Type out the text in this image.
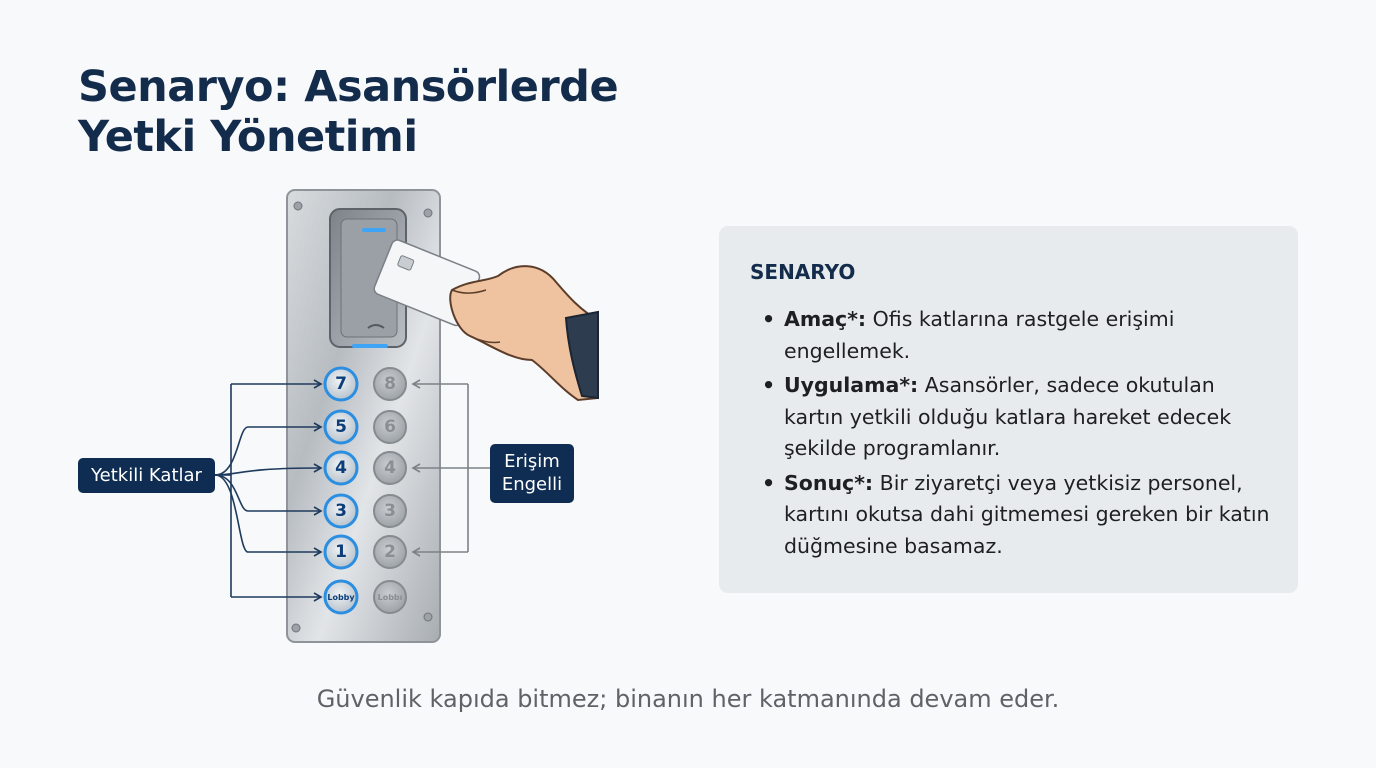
Senaryo: Asansörlerde
Yetki Yönetimi
7
5
4
3
1
Lobby
8
6
4
3
2
Lobbı
Yetkili Katlar
Erişim
Engelli
SENARYO
• Amaç*: Ofis katlarına rastgele erişimi engellemek.
• Uygulama*: Asansörler, sadece okutulan kartın yetkili olduğu katlara hareket edecek şekilde programlanır.
• Sonuç*: Bir ziyaretçi veya yetkisiz personel, kartını okutsa dahi gitmemesi gereken bir katın düğmesine basamaz.
Güvenlik kapıda bitmez; binanın her katmanında devam eder.
